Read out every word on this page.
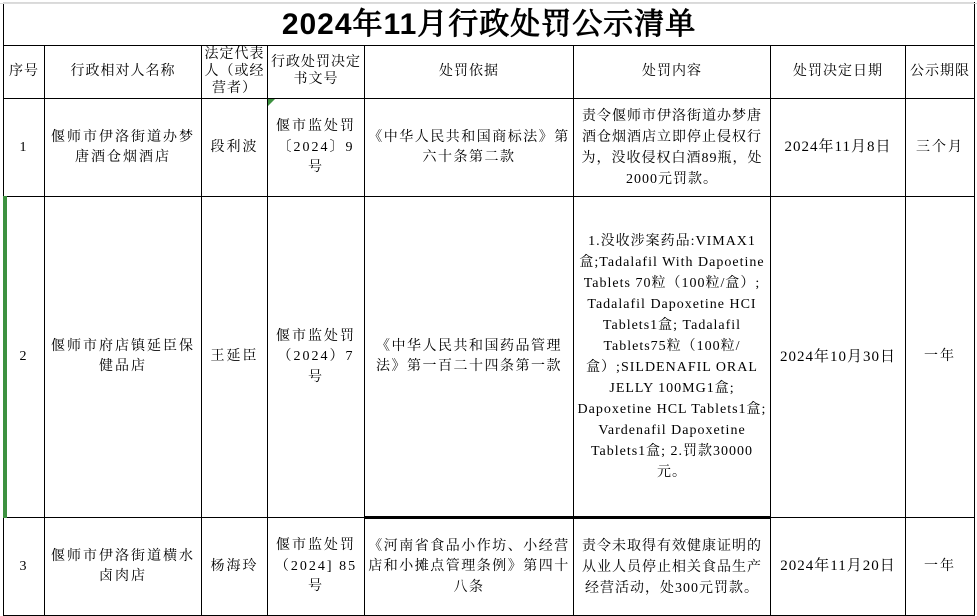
2024年11月行政处罚公示清单							
序号	行政相对人名称	法定代表人（或经营者）	行政处罚决定书文号	处罚依据	处罚内容	处罚决定日期	公示期限
1	偃师市伊洛街道办梦唐酒仓烟酒店	段利波	偃市监处罚〔2024〕9号	《中华人民共和国商标法》第六十条第二款	责令偃师市伊洛街道办梦唐酒仓烟酒店立即停止侵权行为，没收侵权白酒89瓶，处2000元罚款。	2024年11月8日	三个月

2	偃师市府店镇延臣保健品店	王延臣	偃市监处罚（2024）7号	《中华人民共和国药品管理法》第一百二十四条第一款	1.没收涉案药品:VIMAX1盒;Tadalafil With Dapoetine Tablets 70粒（100粒/盒）; Tadalafil Dapoxetine HCI Tablets1盒; Tadalafil Tablets75粒（100粒/盒）;SILDENAFIL ORAL JELLY 100MG1盒; Dapoxetine HCL Tablets1盒; Vardenafil Dapoxetine Tablets1盒; 2.罚款30000元。	2024年10月30日	一年
3	偃师市伊洛街道横水卤肉店	杨海玲	偃市监处罚（2024] 85号	《河南省食品小作坊、小经营店和小摊点管理条例》第四十八条	责令未取得有效健康证明的从业人员停止相关食品生产经营活动，处300元罚款。	2024年11月20日	一年
